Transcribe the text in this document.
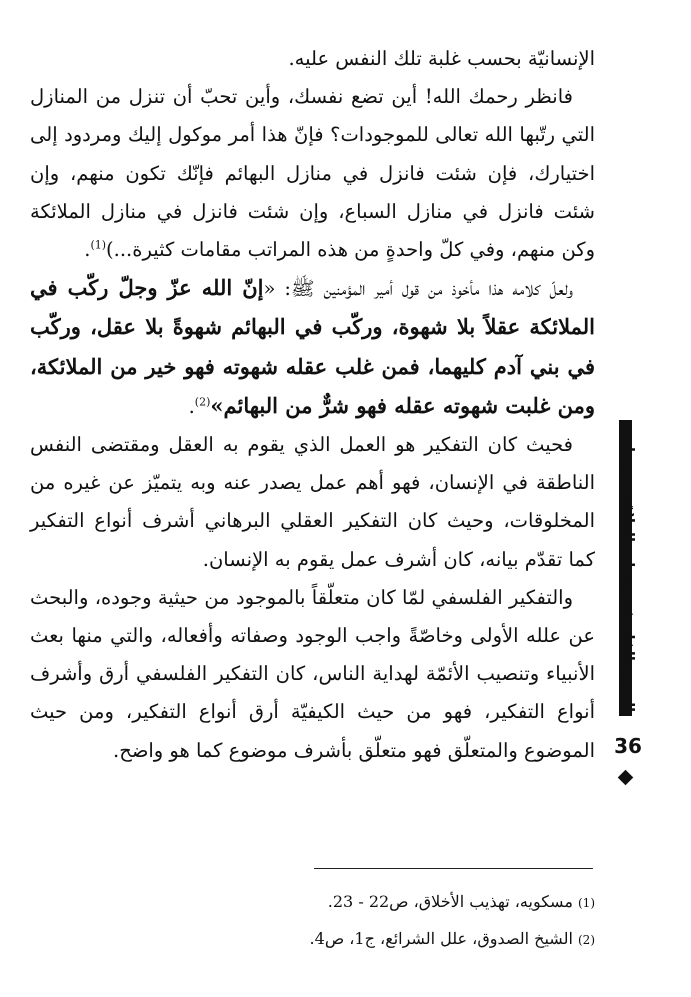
الإنسانيّة بحسب غلبة تلك النفس عليه.

فانظر رحمك الله! أين تضع نفسك، وأين تحبّ أن تنزل من المنازل التي رتّبها الله تعالى للموجودات؟ فإنّ هذا أمر موكول إليك ومردود إلى اختيارك، فإن شئت فانزل في منازل البهائم فإنّك تكون منهم، وإن شئت فانزل في منازل السباع، وإن شئت فانزل في منازل الملائكة وكن منهم، وفي كلّ واحدةٍ من هذه المراتب مقامات كثيرة...)$^{(1)}$.

ولعلّ كلامه هذا مأخوذ من قول أمير المؤمنين ﷺ: «إنّ الله عزّ وجلّ ركّب في الملائكة عقلاً بلا شهوة، وركّب في البهائم شهوةً بلا عقل، وركّب في بني آدم كليهما، فمن غلب عقله شهوته فهو خير من الملائكة، ومن غلبت شهوته عقله فهو شرٌّ من البهائم»$^{(2)}$.

فحيث كان التفكير هو العمل الذي يقوم به العقل ومقتضى النفس الناطقة في الإنسان، فهو أهم عمل يصدر عنه وبه يتميّز عن غيره من المخلوقات، وحيث كان التفكير العقلي البرهاني أشرف أنواع التفكير كما تقدّم بيانه، كان أشرف عمل يقوم به الإنسان.

والتفكير الفلسفي لمّا كان متعلّقاً بالموجود من حيثية وجوده، والبحث عن علله الأولى وخاصّةً واجب الوجود وصفاته وأفعاله، والتي منها بعث الأنبياء وتنصيب الأئمّة لهداية الناس، كان التفكير الفلسفي أرق وأشرف أنواع التفكير، فهو من حيث الكيفيّة أرق أنواع التفكير، ومن حيث الموضوع والمتعلّق فهو متعلّق بأشرف موضوع كما هو واضح.

الدين والفلسفة وجدلية العلاقة بينهما
36

(1) مسكويه، تهذيب الأخلاق، ص22 - 23.

(2) الشيخ الصدوق، علل الشرائع، ج1، ص4.
